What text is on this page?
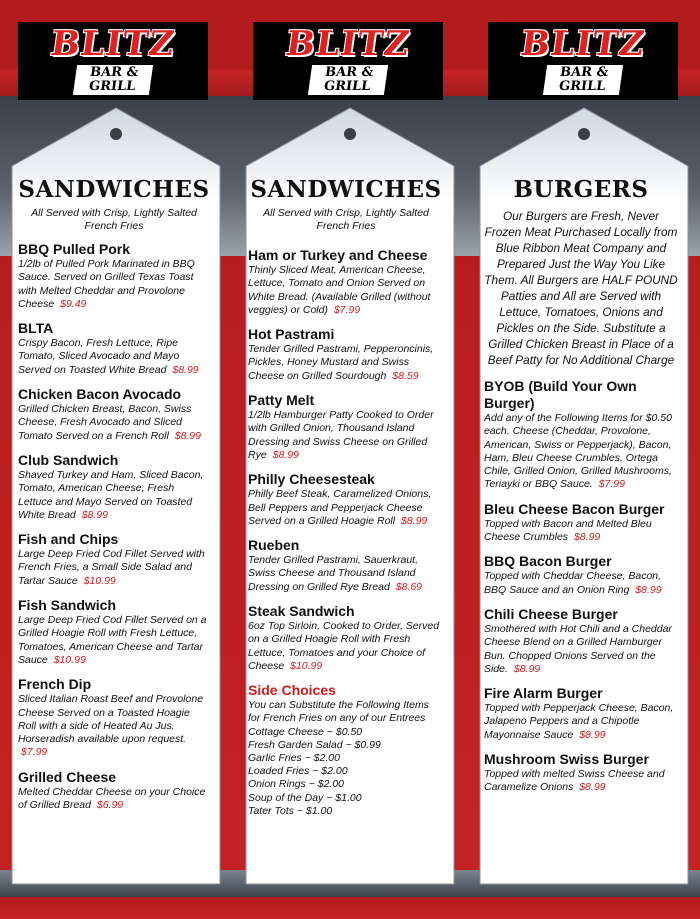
BLITZ
BAR &
GRILL
BLITZ
BAR &
GRILL
BLITZ
BAR &
GRILL
SANDWICHES
All Served with Crisp, Lightly Salted French Fries
BBQ Pulled Pork
1/2lb of Pulled Pork Marinated in BBQ Sauce. Served on Grilled Texas Toast with Melted Cheddar and Provolone Cheese $9.49
BLTA
Crispy Bacon, Fresh Lettuce, Ripe Tomato, Sliced Avocado and Mayo Served on Toasted White Bread $8.99
Chicken Bacon Avocado
Grilled Chicken Breast, Bacon, Swiss Cheese, Fresh Avocado and Sliced Tomato Served on a French Roll $8.99
Club Sandwich
Shaved Turkey and Ham, Sliced Bacon, Tomato, American Cheese, Fresh Lettuce and Mayo Served on Toasted White Bread $8.99
Fish and Chips
Large Deep Fried Cod Fillet Served with French Fries, a Small Side Salad and Tartar Sauce $10.99
Fish Sandwich
Large Deep Fried Cod Fillet Served on a Grilled Hoagie Roll with Fresh Lettuce, Tomatoes, American Cheese and Tartar Sauce $10.99
French Dip
Sliced Italian Roast Beef and Provolone Cheese Served on a Toasted Hoagie Roll with a side of Heated Au Jus. Horseradish available upon request. $7.99
Grilled Cheese
Melted Cheddar Cheese on your Choice of Grilled Bread $6.99
SANDWICHES
All Served with Crisp, Lightly Salted French Fries
Ham or Turkey and Cheese
Thinly Sliced Meat, American Cheese, Lettuce, Tomato and Onion Served on White Bread. (Available Grilled (without veggies) or Cold) $7.99
Hot Pastrami
Tender Grilled Pastrami, Pepperoncinis, Pickles, Honey Mustard and Swiss Cheese on Grilled Sourdough $8.59
Patty Melt
1/2lb Hamburger Patty Cooked to Order with Grilled Onion, Thousand Island Dressing and Swiss Cheese on Grilled Rye $8.99
Philly Cheesesteak
Philly Beef Steak, Caramelized Onions, Bell Peppers and Pepperjack Cheese Served on a Grilled Hoagie Roll $8.99
Rueben
Tender Grilled Pastrami, Sauerkraut, Swiss Cheese and Thousand Island Dressing on Grilled Rye Bread $8.69
Steak Sandwich
6oz Top Sirloin, Cooked to Order, Served on a Grilled Hoagie Roll with Fresh Lettuce, Tomatoes and your Choice of Cheese $10.99
Side Choices
You can Substitute the Following Items for French Fries on any of our Entrees
Cottage Cheese ~ $0.50
Fresh Garden Salad ~ $0.99
Garlic Fries ~ $2.00
Loaded Fries ~ $2.00
Onion Rings ~ $2.00
Soup of the Day ~ $1.00
Tater Tots ~ $1.00
BURGERS
Our Burgers are Fresh, Never Frozen Meat Purchased Locally from Blue Ribbon Meat Company and Prepared Just the Way You Like Them. All Burgers are HALF POUND Patties and All are Served with Lettuce, Tomatoes, Onions and Pickles on the Side. Substitute a Grilled Chicken Breast in Place of a Beef Patty for No Additional Charge
BYOB (Build Your Own Burger)
Add any of the Following Items for $0.50 each. Cheese (Cheddar, Provolone, American, Swiss or Pepperjack), Bacon, Ham, Bleu Cheese Crumbles, Ortega Chile, Grilled Onion, Grilled Mushrooms, Teriayki or BBQ Sauce. $7.99
Bleu Cheese Bacon Burger
Topped with Bacon and Melted Bleu Cheese Crumbles $8.99
BBQ Bacon Burger
Topped with Cheddar Cheese, Bacon, BBQ Sauce and an Onion Ring $8.99
Chili Cheese Burger
Smothered with Hot Chili and a Cheddar Cheese Blend on a Grilled Hamburger Bun. Chopped Onions Served on the Side. $8.99
Fire Alarm Burger
Topped with Pepperjack Cheese, Bacon, Jalapeno Peppers and a Chipotle Mayonnaise Sauce $8.99
Mushroom Swiss Burger
Topped with melted Swiss Cheese and Caramelize Onions $8.99
